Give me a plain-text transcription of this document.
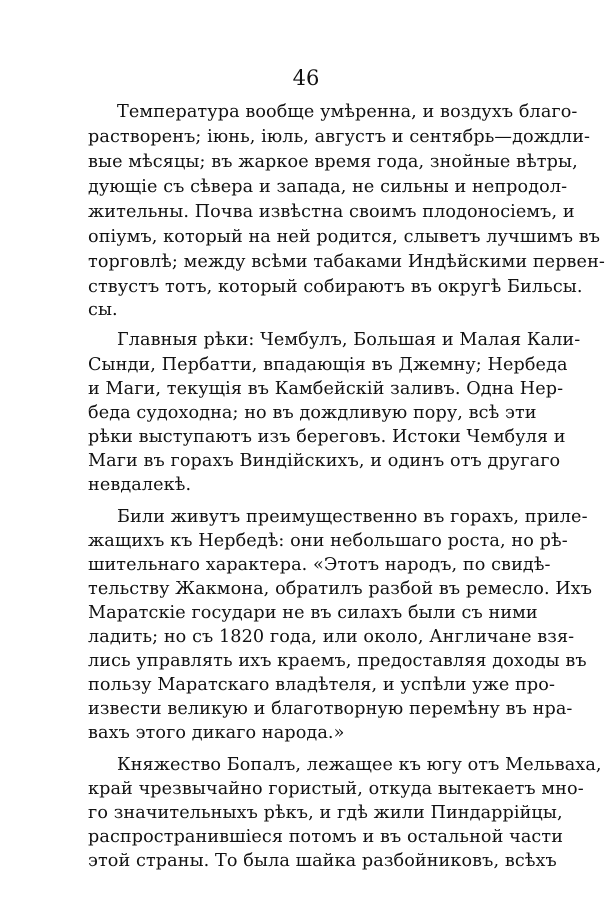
46
Температура вообще умѣренна, и воздухъ благо-
растворенъ; іюнь, іюль, августъ и сентябрь—дождли-
вые мѣсяцы; въ жаркое время года, знойные вѣтры,
дующіе съ сѣвера и запада, не сильны и непродол-
жительны. Почва извѣстна своимъ плодоносіемъ, и
опіумъ, который на ней родится, слыветъ лучшимъ въ
торговлѣ; между всѣми табаками Индѣйскими первен-
ствустъ тотъ, который собираютъ въ округѣ Бильсы.
сы.
Главныя рѣки: Чембулъ, Большая и Малая Кали-
Сынди, Пербатти, впадающія въ Джемну; Нербеда
и Маги, текущія въ Камбейскій заливъ. Одна Нер-
беда судоходна; но въ дождливую пору, всѣ эти
рѣки выступаютъ изъ береговъ. Истоки Чембуля и
Маги въ горахъ Виндійскихъ, и одинъ отъ другаго
невдалекѣ.
Били живутъ преимущественно въ горахъ, приле-
жащихъ къ Нербедѣ: они небольшаго роста, но рѣ-
шительнаго характера. «Этотъ народъ, по свидѣ-
тельству Жакмона, обратилъ разбой въ ремесло. Ихъ
Маратскіе государи не въ силахъ были съ ними
ладить; но съ 1820 года, или около, Англичане взя-
лись управлять ихъ краемъ, предоставляя доходы въ
пользу Маратскаго владѣтеля, и успѣли уже про-
извести великую и благотворную перемѣну въ нра-
вахъ этого дикаго народа.»
Княжество Бопалъ, лежащее къ югу отъ Мельваха,
край чрезвычайно гористый, откуда вытекаетъ мно-
го значительныхъ рѣкъ, и гдѣ жили Пиндаррійцы,
распространившіеся потомъ и въ остальной части
этой страны. То была шайка разбойниковъ, всѣхъ
